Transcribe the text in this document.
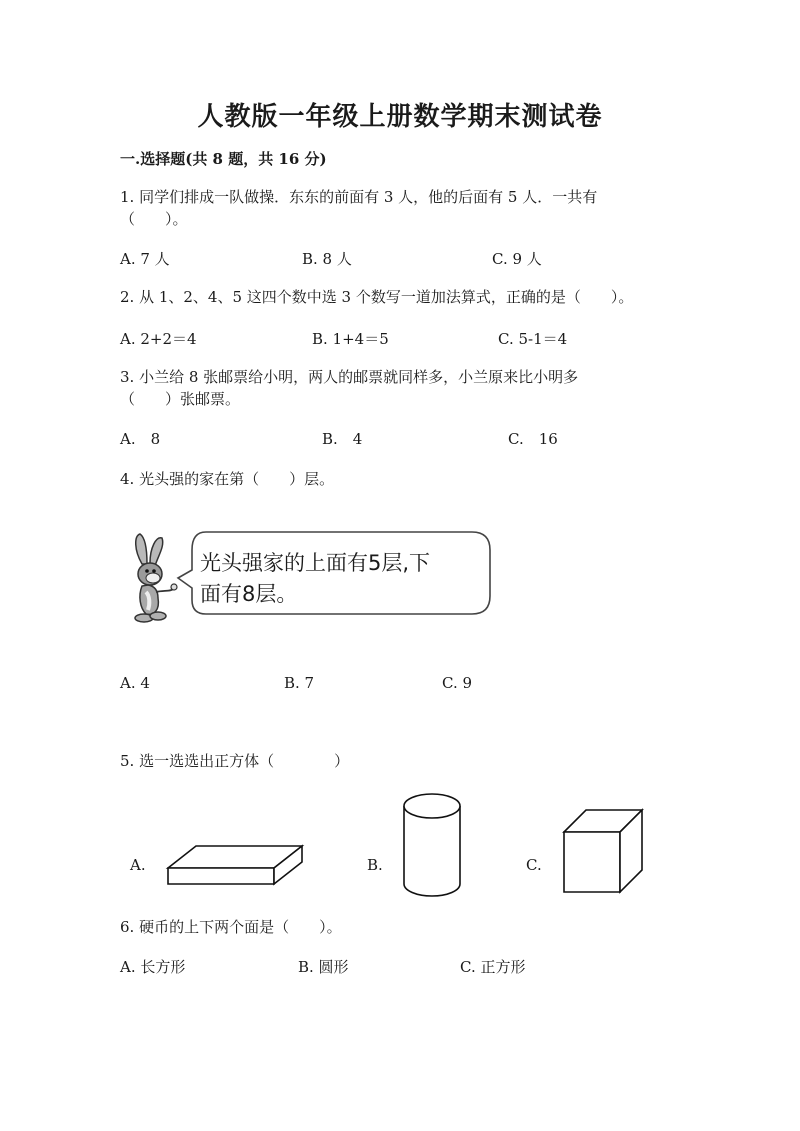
人教版一年级上册数学期末测试卷
一.选择题(共 8 题，共 16 分)
1. 同学们排成一队做操．东东的前面有 3 人，他的后面有 5 人．一共有
（　　）。
A. 7 人	B. 8 人	C. 9 人
2. 从 1、2、4、5 这四个数中选 3 个数写一道加法算式，正确的是（　　）。
A. 2+2＝4	B. 1+4＝5	C. 5-1＝4
3. 小兰给 8 张邮票给小明，两人的邮票就同样多，小兰原来比小明多
（　　）张邮票。
A.　8	B.　4	C.　16
4. 光头强的家在第（　　）层。
光头强家的上面有5层,下
面有8层。
A. 4	B. 7	C. 9
5. 选一选选出正方体（　　　　）
A.	B.	C.
6. 硬币的上下两个面是（　　）。
A. 长方形	B. 圆形	C. 正方形
